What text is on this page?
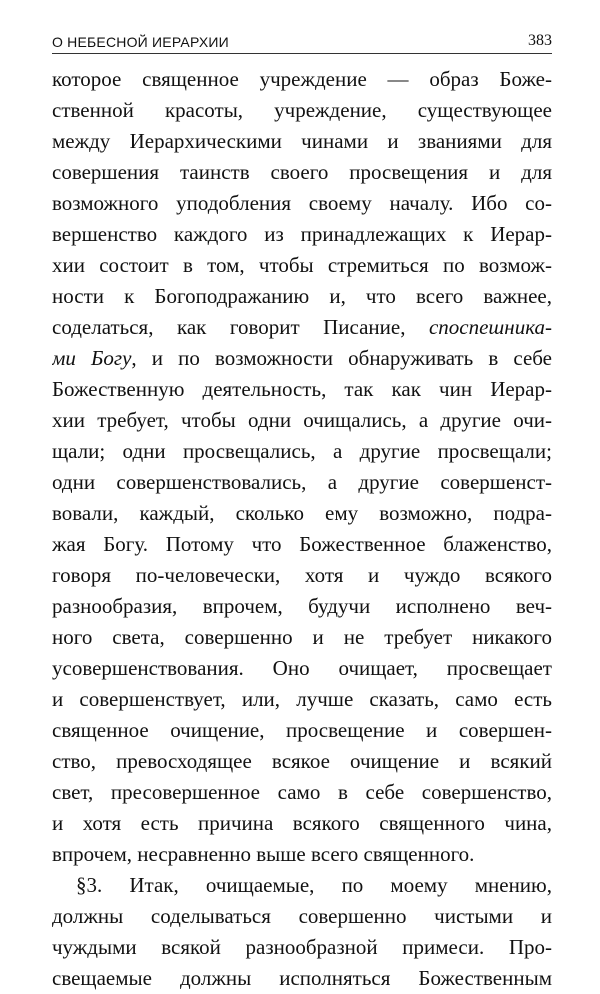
О НЕБЕСНОЙ ИЕРАРХИИ	383
которое священное учреждение — образ Боже-
ственной красоты, учреждение, существующее
между Иерархическими чинами и званиями для
совершения таинств своего просвещения и для
возможного уподобления своему началу. Ибо со-
вершенство каждого из принадлежащих к Иерар-
хии состоит в том, чтобы стремиться по возмож-
ности к Богоподражанию и, что всего важнее,
соделаться, как говорит Писание, споспешника-
ми Богу, и по возможности обнаруживать в себе
Божественную деятельность, так как чин Иерар-
хии требует, чтобы одни очищались, а другие очи-
щали; одни просвещались, а другие просвещали;
одни совершенствовались, а другие совершенст-
вовали, каждый, сколько ему возможно, подра-
жая Богу. Потому что Божественное блаженство,
говоря по-человечески, хотя и чуждо всякого
разнообразия, впрочем, будучи исполнено веч-
ного света, совершенно и не требует никакого
усовершенствования. Оно очищает, просвещает
и совершенствует, или, лучше сказать, само есть
священное очищение, просвещение и совершен-
ство, превосходящее всякое очищение и всякий
свет, пресовершенное само в себе совершенство,
и хотя есть причина всякого священного чина,
впрочем, несравненно выше всего священного.
§3. Итак, очищаемые, по моему мнению,
должны соделываться совершенно чистыми и
чуждыми всякой разнообразной примеси. Про-
свещаемые должны исполняться Божественным
